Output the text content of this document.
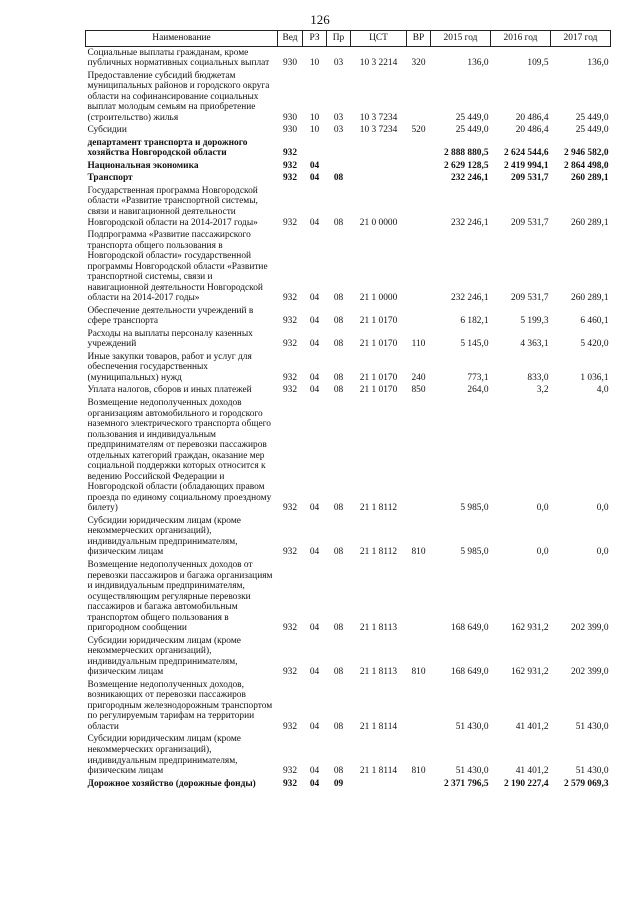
126
Наименование	Вед	РЗ	Пр	ЦСТ	ВР	2015 год	2016 год	2017 год
Социальные выплаты гражданам, кроме публичных нормативных социальных выплат	930	10	03	10 3 2214	320	136,0	109,5	136,0
Предоставление субсидий бюджетам муниципальных районов и городского округа области на софинансирование социальных выплат молодым семьям на приобретение (строительство) жилья	930	10	03	10 3 7234		25 449,0	20 486,4	25 449,0
Субсидии	930	10	03	10 3 7234	520	25 449,0	20 486,4	25 449,0
департамент транспорта и дорожного хозяйства Новгородской области	932					2 888 880,5	2 624 544,6	2 946 582,0
Национальная экономика	932	04				2 629 128,5	2 419 994,1	2 864 498,0
Транспорт	932	04	08			232 246,1	209 531,7	260 289,1
Государственная программа Новгородской области «Развитие транспортной системы, связи и навигационной деятельности Новгородской области на 2014-2017 годы»	932	04	08	21 0 0000		232 246,1	209 531,7	260 289,1
Подпрограмма «Развитие пассажирского транспорта общего пользования в Новгородской области» государственной программы Новгородской области «Развитие транспортной системы, связи и навигационной деятельности Новгородской области на 2014-2017 годы»	932	04	08	21 1 0000		232 246,1	209 531,7	260 289,1
Обеспечение деятельности учреждений в сфере транспорта	932	04	08	21 1 0170		6 182,1	5 199,3	6 460,1
Расходы на выплаты персоналу казенных учреждений	932	04	08	21 1 0170	110	5 145,0	4 363,1	5 420,0
Иные закупки товаров, работ и услуг для обеспечения государственных (муниципальных) нужд	932	04	08	21 1 0170	240	773,1	833,0	1 036,1
Уплата налогов, сборов и иных платежей	932	04	08	21 1 0170	850	264,0	3,2	4,0
Возмещение недополученных доходов организациям автомобильного и городского наземного электрического транспорта общего пользования и индивидуальным предпринимателям от перевозки пассажиров отдельных категорий граждан, оказание мер социальной поддержки которых относится к ведению Российской Федерации и Новгородской области (обладающих правом проезда по единому социальному проездному билету)	932	04	08	21 1 8112		5 985,0	0,0	0,0
Субсидии юридическим лицам (кроме некоммерческих организаций), индивидуальным предпринимателям, физическим лицам	932	04	08	21 1 8112	810	5 985,0	0,0	0,0
Возмещение недополученных доходов от перевозки пассажиров и багажа организациям и индивидуальным предпринимателям, осуществляющим регулярные перевозки пассажиров и багажа автомобильным транспортом общего пользования в пригородном сообщении	932	04	08	21 1 8113		168 649,0	162 931,2	202 399,0
Субсидии юридическим лицам (кроме некоммерческих организаций), индивидуальным предпринимателям, физическим лицам	932	04	08	21 1 8113	810	168 649,0	162 931,2	202 399,0
Возмещение недополученных доходов, возникающих от перевозки пассажиров пригородным железнодорожным транспортом по регулируемым тарифам на территории области	932	04	08	21 1 8114		51 430,0	41 401,2	51 430,0
Субсидии юридическим лицам (кроме некоммерческих организаций), индивидуальным предпринимателям, физическим лицам	932	04	08	21 1 8114	810	51 430,0	41 401,2	51 430,0
Дорожное хозяйство (дорожные фонды)	932	04	09			2 371 796,5	2 190 227,4	2 579 069,3
